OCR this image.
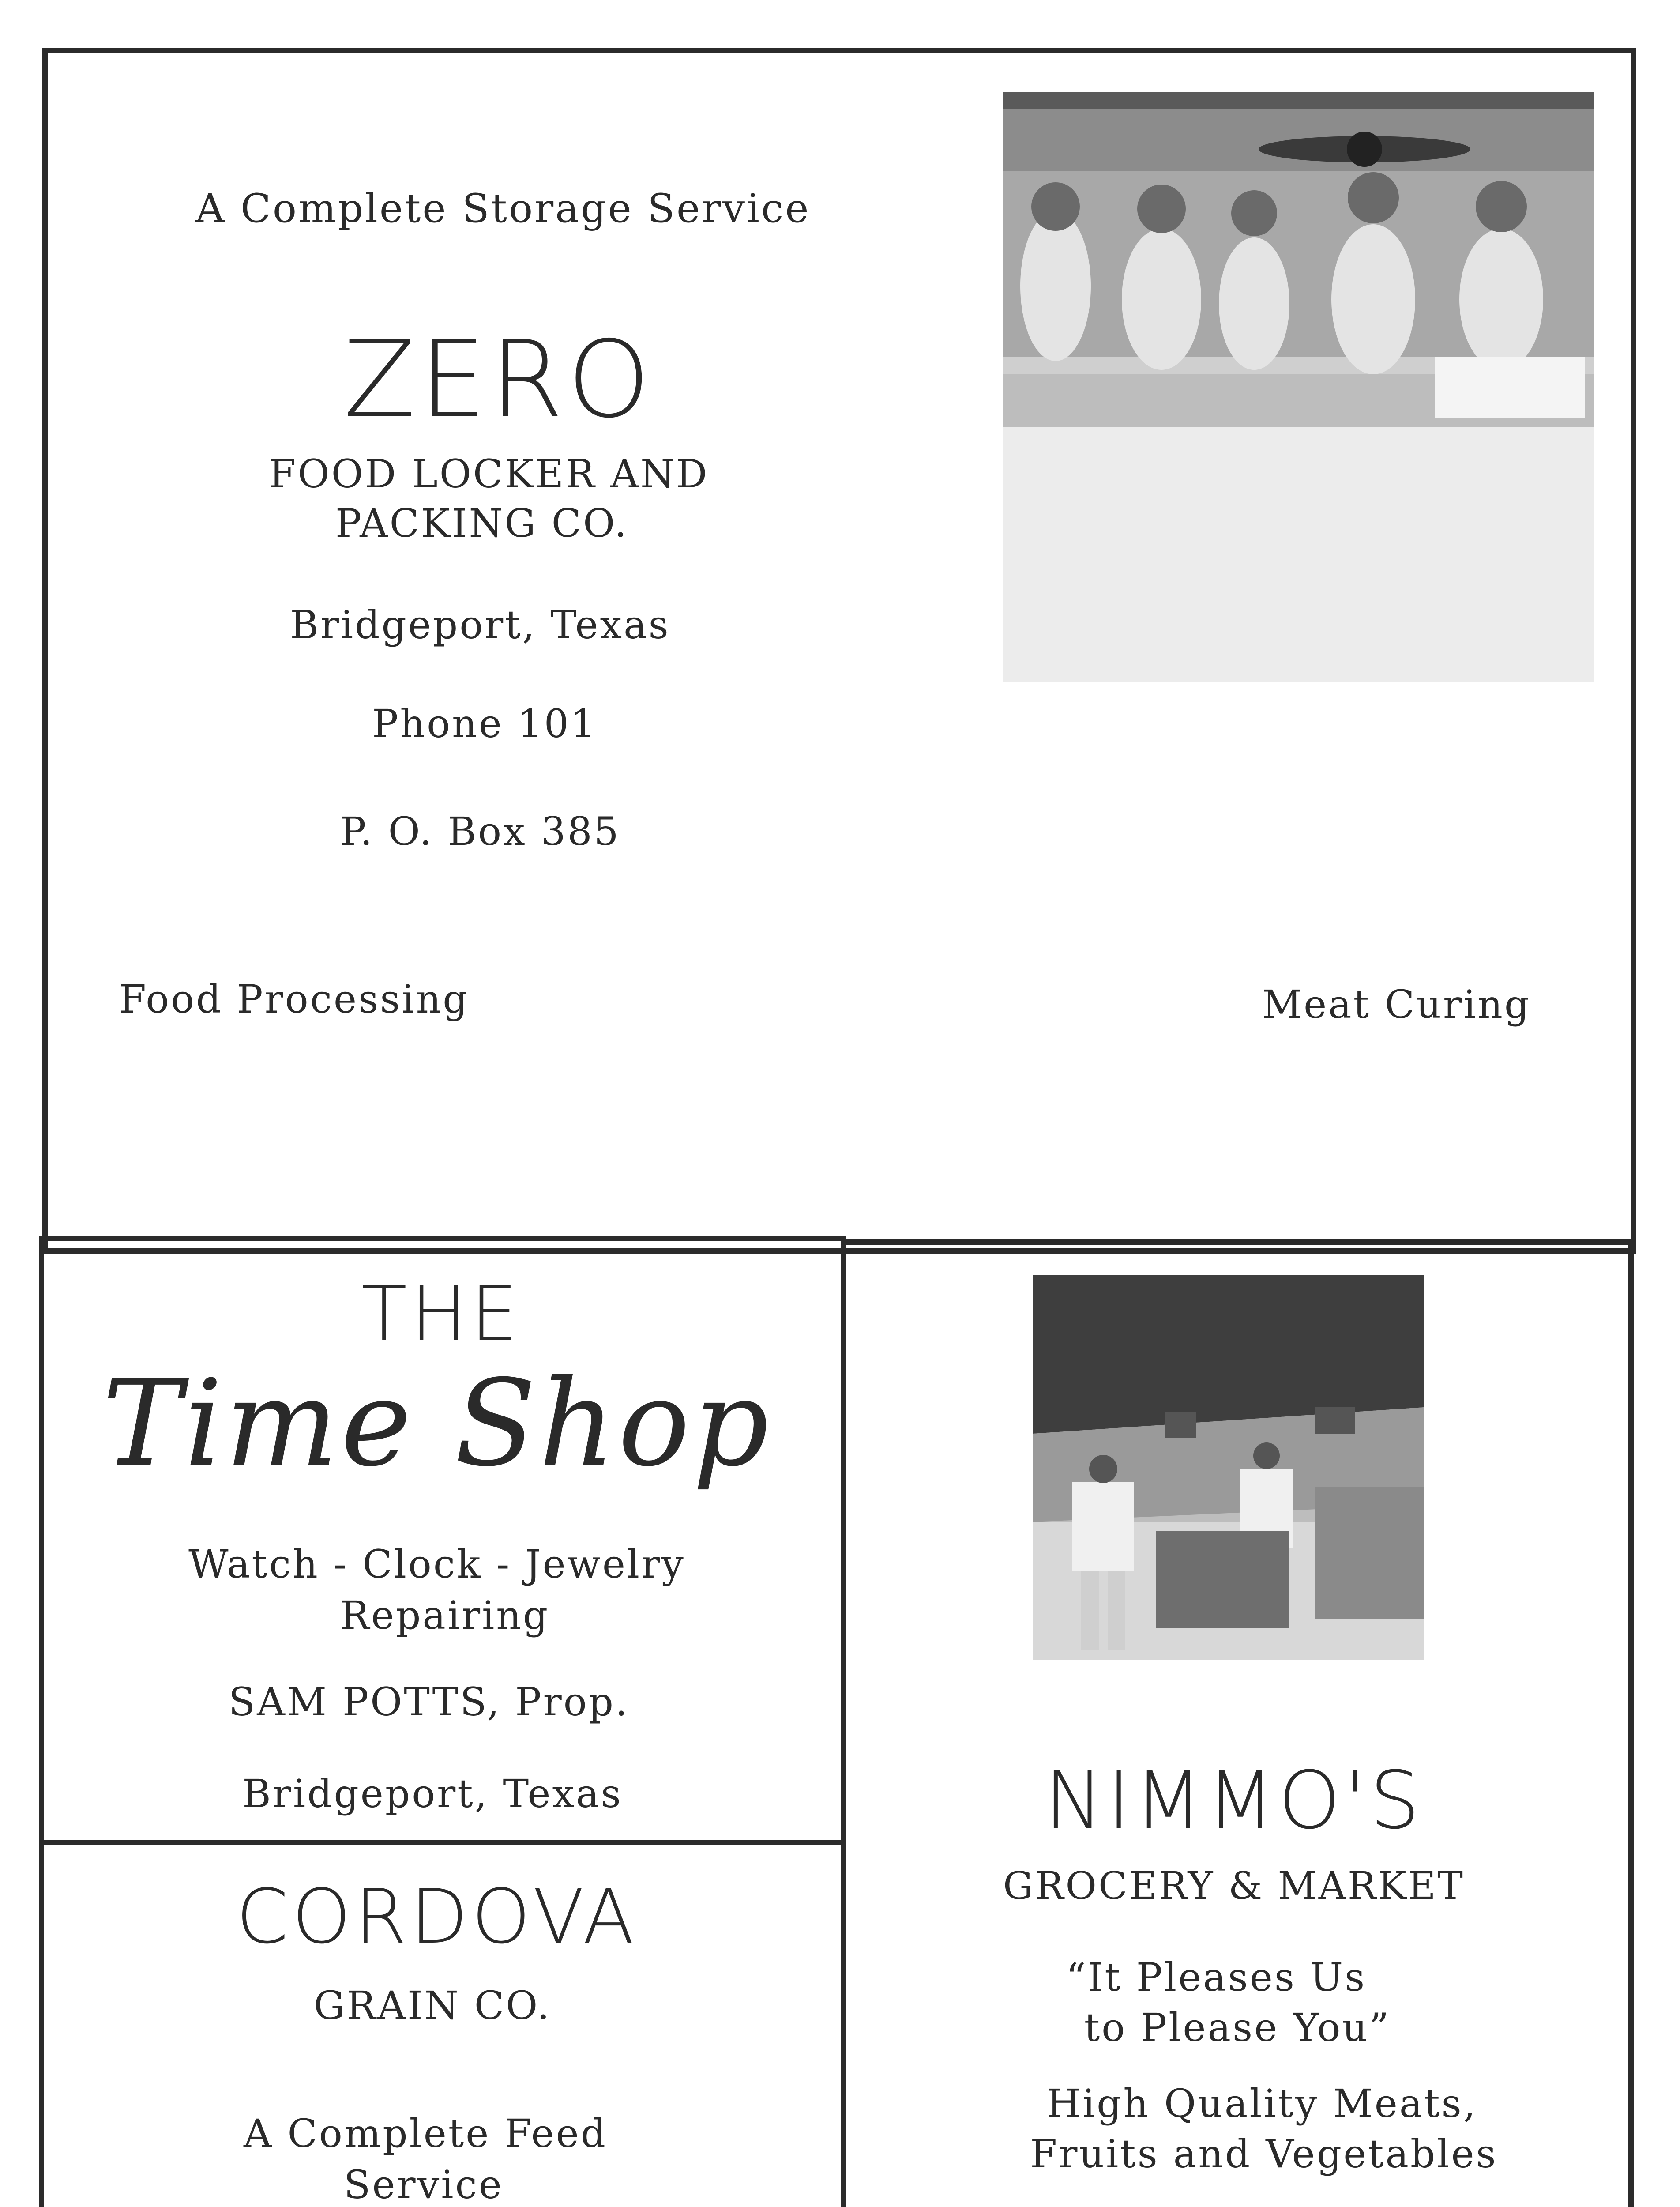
A Complete Storage Service
ZERO
FOOD LOCKER AND
PACKING CO.
Bridgeport, Texas
Phone 101
P. O. Box 385
Food Processing	Meat Curing
THE
Time Shop
Watch - Clock - Jewelry
Repairing
SAM POTTS, Prop.
Bridgeport, Texas
CORDOVA
GRAIN CO.
A Complete Feed
Service
NIMMO'S
GROCERY & MARKET
“It Pleases Us
to Please You”
High Quality Meats,
Fruits and Vegetables
